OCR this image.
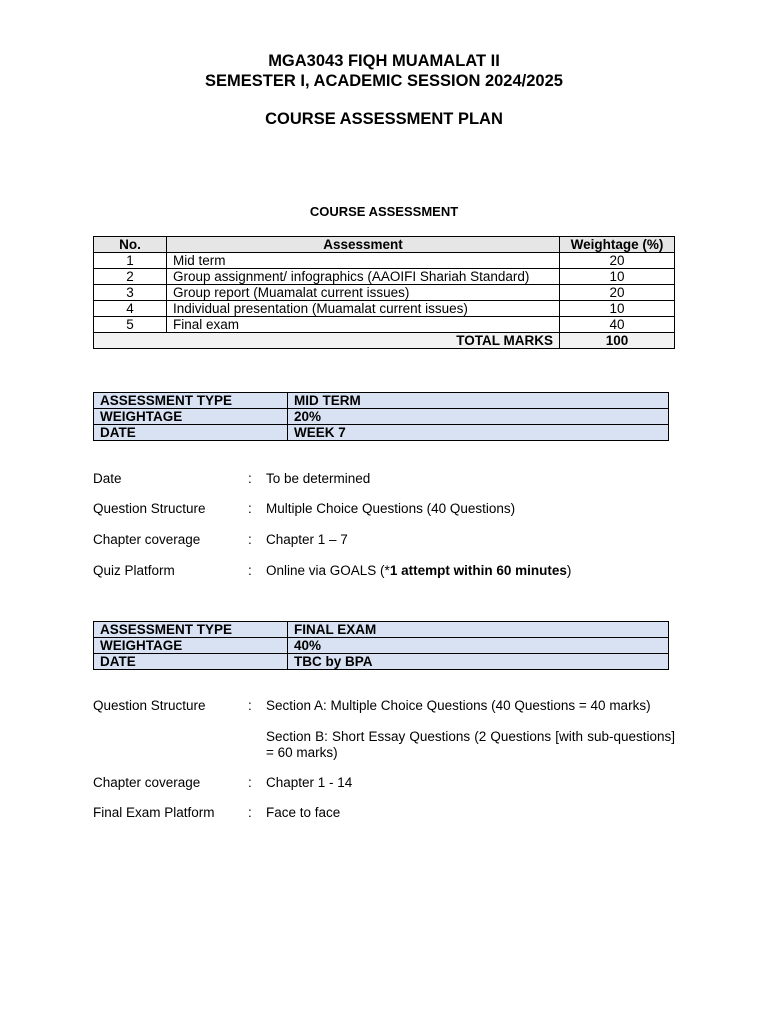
MGA3043 FIQH MUAMALAT II
SEMESTER I, ACADEMIC SESSION 2024/2025
COURSE ASSESSMENT PLAN
COURSE ASSESSMENT
No.	Assessment	Weightage (%)
1	Mid term	20
2	Group assignment/ infographics (AAOIFI Shariah Standard)	10
3	Group report (Muamalat current issues)	20
4	Individual presentation (Muamalat current issues)	10
5	Final exam	40
TOTAL MARKS		100
ASSESSMENT TYPE	MID TERM
WEIGHTAGE	20%
DATE	WEEK 7
Date	: To be determined
Question Structure	: Multiple Choice Questions (40 Questions)
Chapter coverage	: Chapter 1 – 7
Quiz Platform	: Online via GOALS (*1 attempt within 60 minutes)
ASSESSMENT TYPE	FINAL EXAM
WEIGHTAGE	40%
DATE	TBC by BPA
Question Structure	: Section A: Multiple Choice Questions (40 Questions = 40 marks)
Section B: Short Essay Questions (2 Questions [with sub-questions] = 60 marks)
Chapter coverage	: Chapter 1 - 14
Final Exam Platform	: Face to face
